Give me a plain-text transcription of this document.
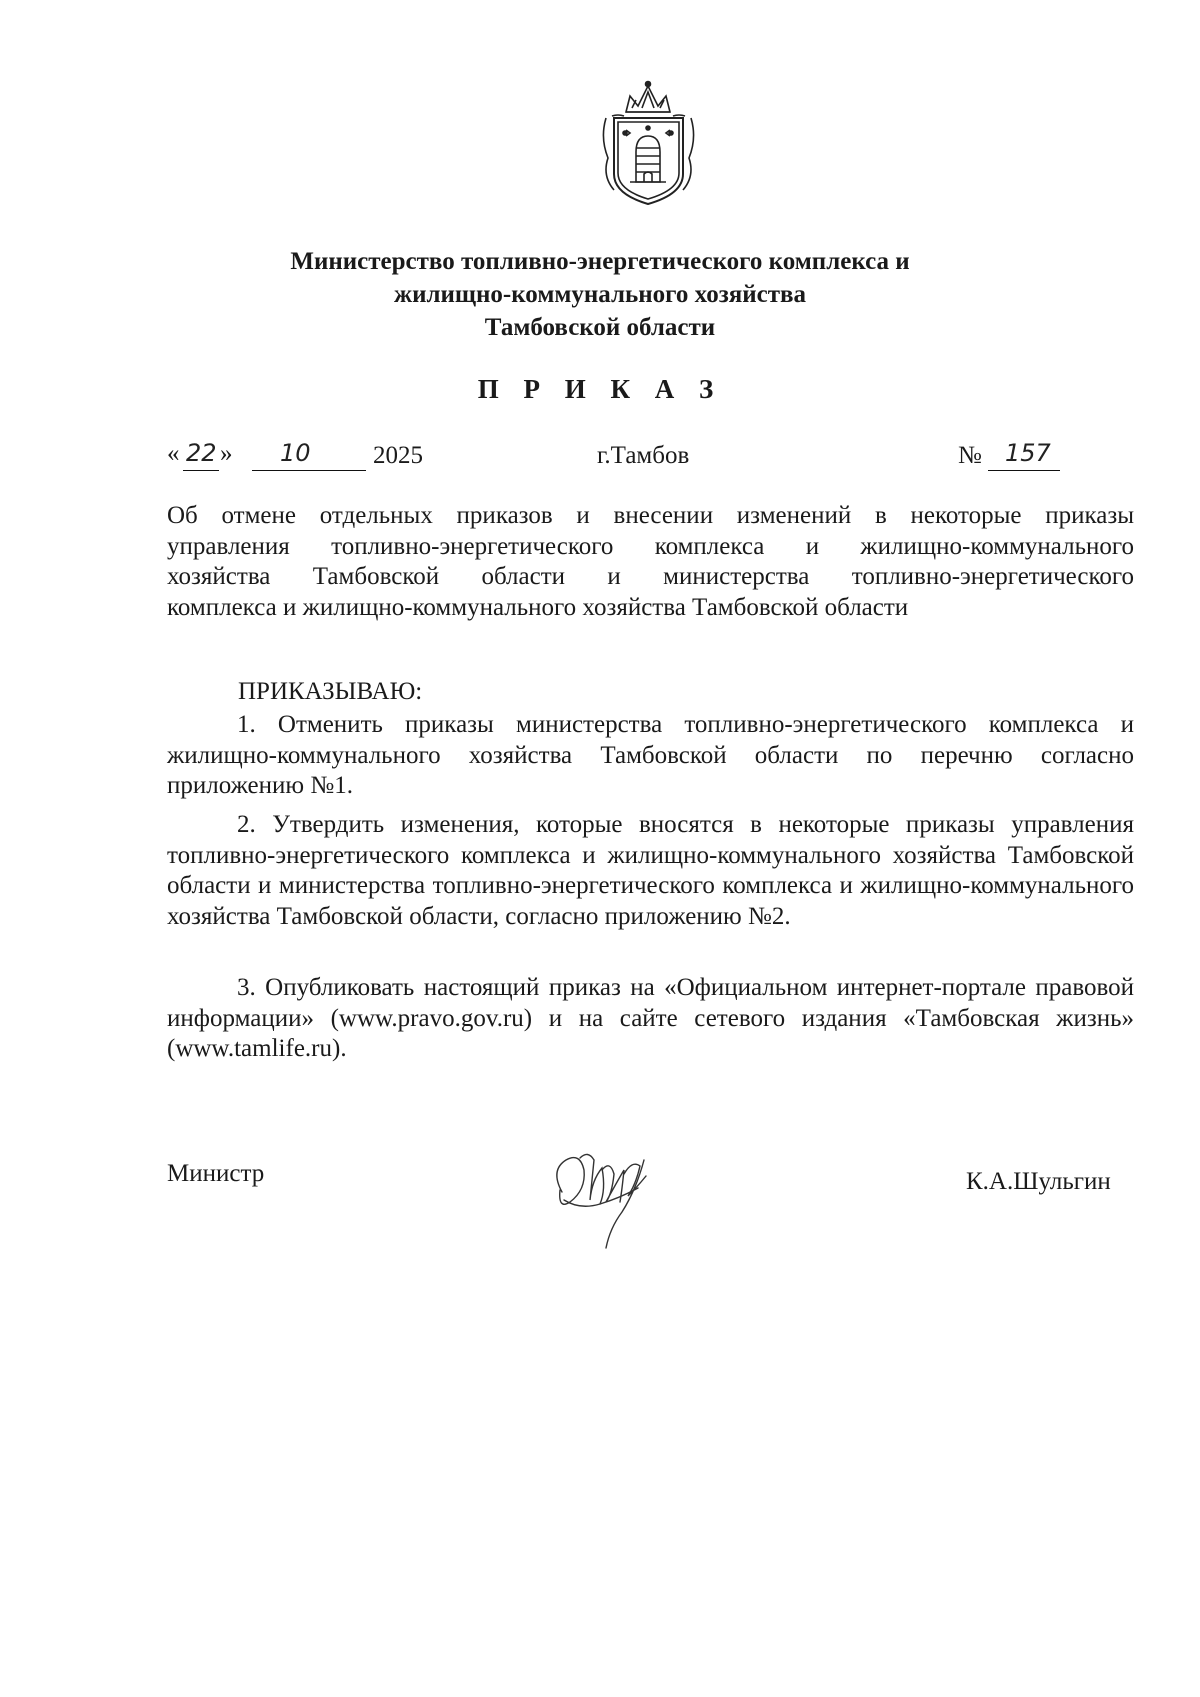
Министерство топливно-энергетического комплекса и
жилищно-коммунального хозяйства
Тамбовской области
П Р И К А З
« 22 » 10 2025	г.Тамбов	№ 157
Об отмене отдельных приказов и внесении изменений в некоторые приказы
управления топливно-энергетического комплекса и жилищно-коммунального
хозяйства Тамбовской области и министерства топливно-энергетического
комплекса и жилищно-коммунального хозяйства Тамбовской области
ПРИКАЗЫВАЮ:
1. Отменить приказы министерства топливно-энергетического комплекса и жилищно-коммунального хозяйства Тамбовской области по перечню согласно приложению №1.
2. Утвердить изменения, которые вносятся в некоторые приказы управления топливно-энергетического комплекса и жилищно-коммунального хозяйства Тамбовской области и министерства топливно-энергетического комплекса и жилищно-коммунального хозяйства Тамбовской области, согласно приложению №2.
3. Опубликовать настоящий приказ на «Официальном интернет-портале правовой информации» (www.pravo.gov.ru) и на сайте сетевого издания «Тамбовская жизнь» (www.tamlife.ru).
Министр	К.А.Шульгин
